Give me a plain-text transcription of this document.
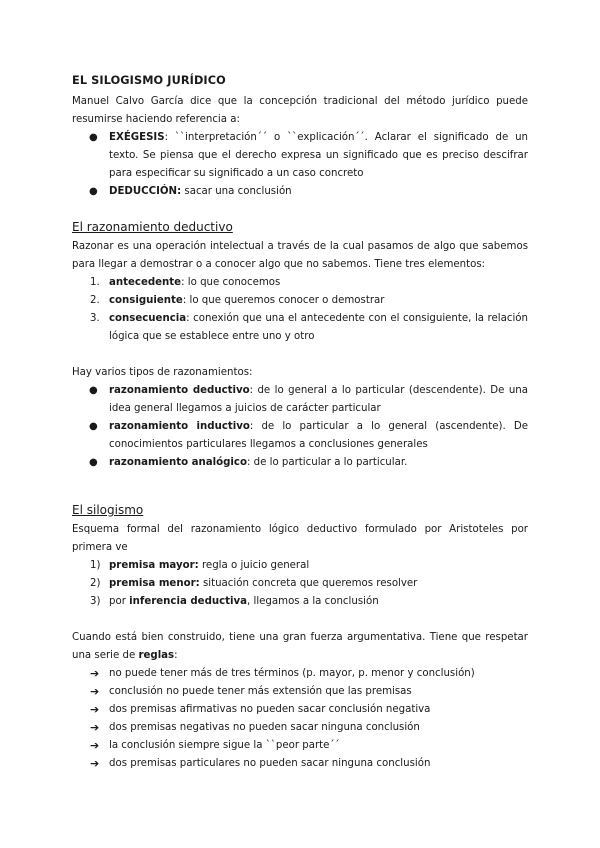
EL SILOGISMO JURÍDICO

Manuel Calvo García dice que la concepción tradicional del método jurídico puede resumirse haciendo referencia a:

● EXÉGESIS: ``interpretación´´ o ``explicación´´. Aclarar el significado de un texto. Se piensa que el derecho expresa un significado que es preciso descifrar para especificar su significado a un caso concreto
● DEDUCCIÓN: sacar una conclusión
El razonamiento deductivo

Razonar es una operación intelectual a través de la cual pasamos de algo que sabemos para llegar a demostrar o a conocer algo que no sabemos. Tiene tres elementos:

1. antecedente: lo que conocemos
2. consiguiente: lo que queremos conocer o demostrar
3. consecuencia: conexión que una el antecedente con el consiguiente, la relación lógica que se establece entre uno y otro

Hay varios tipos de razonamientos:

● razonamiento deductivo: de lo general a lo particular (descendente). De una idea general llegamos a juicios de carácter particular
● razonamiento inductivo: de lo particular a lo general (ascendente). De conocimientos particulares llegamos a conclusiones generales
● razonamiento analógico: de lo particular a lo particular.
El silogismo

Esquema formal del razonamiento lógico deductivo formulado por Aristoteles por primera ve

1) premisa mayor: regla o juicio general
2) premisa menor: situación concreta que queremos resolver
3) por inferencia deductiva, llegamos a la conclusión

Cuando está bien construido, tiene una gran fuerza argumentativa. Tiene que respetar una serie de reglas:

➔ no puede tener más de tres términos (p. mayor, p. menor y conclusión)
➔ conclusión no puede tener más extensión que las premisas
➔ dos premisas afirmativas no pueden sacar conclusión negativa
➔ dos premisas negativas no pueden sacar ninguna conclusión
➔ la conclusión siempre sigue la ``peor parte´´
➔ dos premisas particulares no pueden sacar ninguna conclusión
